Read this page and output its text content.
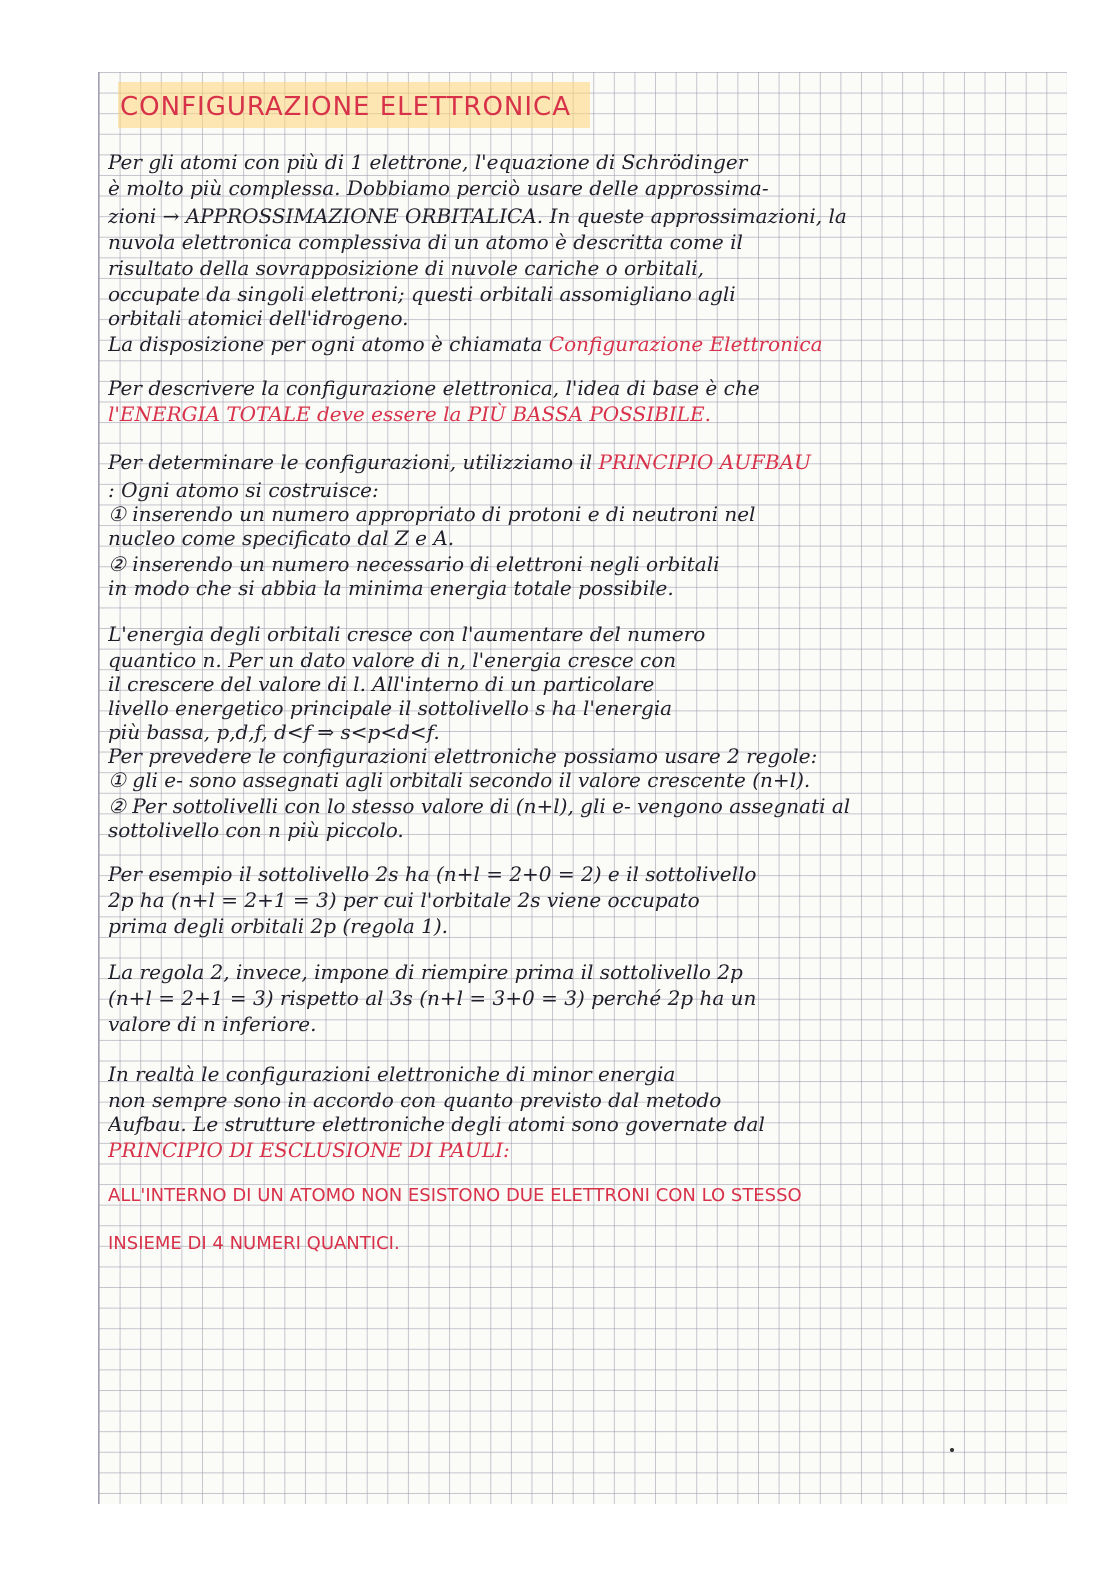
CONFIGURAZIONE ELETTRONICA
Per gli atomi con più di 1 elettrone, l'equazione di Schrödinger
è molto più complessa. Dobbiamo perciò usare delle approssima-
zioni → APPROSSIMAZIONE ORBITALICA. In queste approssimazioni, la
nuvola elettronica complessiva di un atomo è descritta come il
risultato della sovrapposizione di nuvole cariche o orbitali,
occupate da singoli elettroni; questi orbitali assomigliano agli
orbitali atomici dell'idrogeno.
La disposizione per ogni atomo è chiamata Configurazione Elettronica
Per descrivere la configurazione elettronica, l'idea di base è che
l'ENERGIA TOTALE deve essere la PIÙ BASSA POSSIBILE.
Per determinare le configurazioni, utilizziamo il PRINCIPIO AUFBAU
: Ogni atomo si costruisce:
① inserendo un numero appropriato di protoni e di neutroni nel
nucleo come specificato dal Z e A.
② inserendo un numero necessario di elettroni negli orbitali
in modo che si abbia la minima energia totale possibile.
L'energia degli orbitali cresce con l'aumentare del numero
quantico n. Per un dato valore di n, l'energia cresce con
il crescere del valore di l. All'interno di un particolare
livello energetico principale il sottolivello s ha l'energia
più bassa, p,d,f, d<f ⇒ s<p<d<f.
Per prevedere le configurazioni elettroniche possiamo usare 2 regole:
① gli e- sono assegnati agli orbitali secondo il valore crescente (n+l).
② Per sottolivelli con lo stesso valore di (n+l), gli e- vengono assegnati al
sottolivello con n più piccolo.
Per esempio il sottolivello 2s ha (n+l = 2+0 = 2) e il sottolivello
2p ha (n+l = 2+1 = 3) per cui l'orbitale 2s viene occupato
prima degli orbitali 2p (regola 1).
La regola 2, invece, impone di riempire prima il sottolivello 2p
(n+l = 2+1 = 3) rispetto al 3s (n+l = 3+0 = 3) perché 2p ha un
valore di n inferiore.
In realtà le configurazioni elettroniche di minor energia
non sempre sono in accordo con quanto previsto dal metodo
Aufbau. Le strutture elettroniche degli atomi sono governate dal
PRINCIPIO DI ESCLUSIONE DI PAULI:
ALL'INTERNO DI UN ATOMO NON ESISTONO DUE ELETTRONI CON LO STESSO
INSIEME DI 4 NUMERI QUANTICI.
